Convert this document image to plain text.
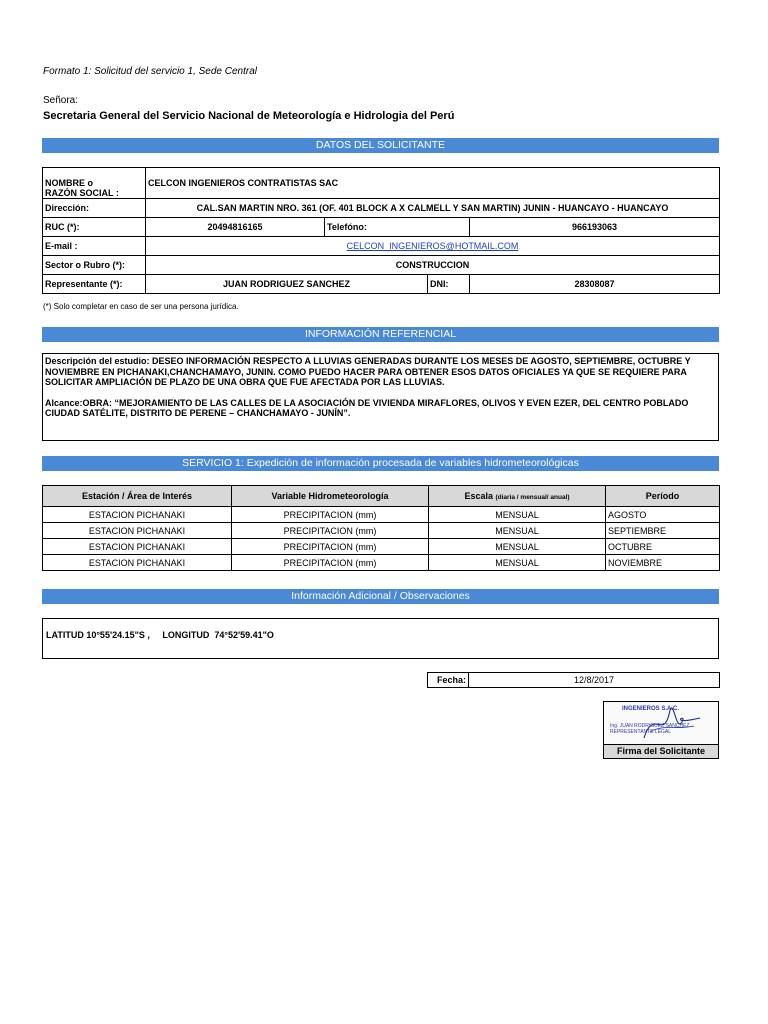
Formato 1: Solicitud del servicio 1, Sede Central
Señora:
Secretaria General del Servicio Nacional de Meteorología e Hidrologia del Perú
DATOS DEL SOLICITANTE
NOMBRE o
RAZÓN SOCIAL :	CELCON INGENIEROS CONTRATISTAS SAC			
Dirección:	CAL.SAN MARTIN NRO. 361 (OF. 401 BLOCK A X CALMELL Y SAN MARTIN) JUNIN - HUANCAYO - HUANCAYO			
RUC (*):	20494816165	Telefóno:		966193063
E-mail :	CELCON_INGENIEROS@HOTMAIL.COM			
Sector o Rubro (*):	CONSTRUCCION			
Representante (*):	JUAN RODRIGUEZ SANCHEZ		DNI:	28308087
(*) Solo completar en caso de ser una persona jurídica.
INFORMACIÓN REFERENCIAL
Descripción del estudio: DESEO INFORMACIÓN RESPECTO A LLUVIAS GENERADAS DURANTE LOS MESES DE AGOSTO, SEPTIEMBRE, OCTUBRE Y NOVIEMBRE EN PICHANAKI,CHANCHAMAYO, JUNIN. COMO PUEDO HACER PARA OBTENER ESOS DATOS OFICIALES YA QUE SE REQUIERE PARA SOLICITAR AMPLIACIÓN DE PLAZO DE UNA OBRA QUE FUE AFECTADA POR LAS LLUVIAS.
Alcance:OBRA: “MEJORAMIENTO DE LAS CALLES DE LA ASOCIACIÓN DE VIVIENDA MIRAFLORES, OLIVOS Y EVEN EZER, DEL CENTRO POBLADO CIUDAD SATÉLITE, DISTRITO DE PERENE – CHANCHAMAYO - JUNÍN”.
SERVICIO 1: Expedición de información procesada de variables hidrometeorológicas
Estación / Área de Interés	Variable Hidrometeorología	Escala (diaria / mensual/ anual)	Período
ESTACION PICHANAKI	PRECIPITACION (mm)	MENSUAL	AGOSTO
ESTACION PICHANAKI	PRECIPITACION (mm)	MENSUAL	SEPTIEMBRE
ESTACION PICHANAKI	PRECIPITACION (mm)	MENSUAL	OCTUBRE
ESTACION PICHANAKI	PRECIPITACION (mm)	MENSUAL	NOVIEMBRE
Información Adicional / Observaciones
LATITUD 10°55'24.15"S ,     LONGITUD  74°52'59.41"O
Fecha:	12/8/2017
INGENIEROS S.A.C.
Ing. JUAN RODRIGUEZ SANCHEZ
REPRESENTANTE LEGAL
Firma del Solicitante
